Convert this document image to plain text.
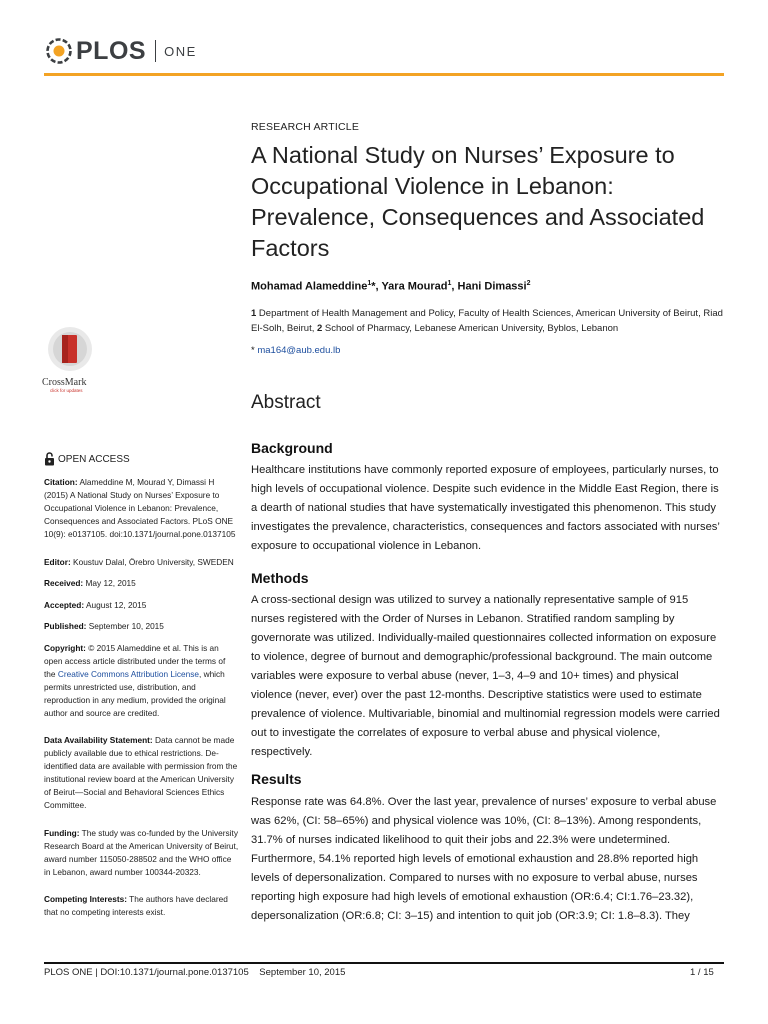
PLOS ONE
CrossMark
click for updates
RESEARCH ARTICLE
A National Study on Nurses’ Exposure to Occupational Violence in Lebanon: Prevalence, Consequences and Associated Factors
Mohamad Alameddine$^1$*, Yara Mourad$^1$, Hani Dimassi$^2$
1 Department of Health Management and Policy, Faculty of Health Sciences, American University of Beirut, Riad El-Solh, Beirut, 2 School of Pharmacy, Lebanese American University, Byblos, Lebanon
* ma164@aub.edu.lb
Abstract
Background
Healthcare institutions have commonly reported exposure of employees, particularly nurses, to high levels of occupational violence. Despite such evidence in the Middle East Region, there is a dearth of national studies that have systematically investigated this phenomenon. This study investigates the prevalence, characteristics, consequences and factors associated with nurses’ exposure to occupational violence in Lebanon.
Methods
A cross-sectional design was utilized to survey a nationally representative sample of 915 nurses registered with the Order of Nurses in Lebanon. Stratified random sampling by governorate was utilized. Individually-mailed questionnaires collected information on exposure to violence, degree of burnout and demographic/professional background. The main outcome variables were exposure to verbal abuse (never, 1–3, 4–9 and 10+ times) and physical violence (never, ever) over the past 12-months. Descriptive statistics were used to estimate prevalence of violence. Multivariable, binomial and multinomial regression models were carried out to investigate the correlates of exposure to verbal abuse and physical violence, respectively.
Results
Response rate was 64.8%. Over the last year, prevalence of nurses’ exposure to verbal abuse was 62%, (CI: 58–65%) and physical violence was 10%, (CI: 8–13%). Among respondents, 31.7% of nurses indicated likelihood to quit their jobs and 22.3% were undetermined. Furthermore, 54.1% reported high levels of emotional exhaustion and 28.8% reported high levels of depersonalization. Compared to nurses with no exposure to verbal abuse, nurses reporting high exposure had high levels of emotional exhaustion (OR:6.4; CI:1.76–23.32), depersonalization (OR:6.8; CI: 3–15) and intention to quit job (OR:3.9; CI: 1.8–8.3). They
OPEN ACCESS
Citation: Alameddine M, Mourad Y, Dimassi H (2015) A National Study on Nurses’ Exposure to Occupational Violence in Lebanon: Prevalence, Consequences and Associated Factors. PLoS ONE 10(9): e0137105. doi:10.1371/journal.pone.0137105
Editor: Koustuv Dalal, Örebro University, SWEDEN
Received: May 12, 2015
Accepted: August 12, 2015
Published: September 10, 2015
Copyright: © 2015 Alameddine et al. This is an open access article distributed under the terms of the Creative Commons Attribution License, which permits unrestricted use, distribution, and reproduction in any medium, provided the original author and source are credited.
Data Availability Statement: Data cannot be made publicly available due to ethical restrictions. De-identified data are available with permission from the institutional review board at the American University of Beirut—Social and Behavioral Sciences Ethics Committee.
Funding: The study was co-funded by the University Research Board at the American University of Beirut, award number 115050-288502 and the WHO office in Lebanon, award number 100344-20323.
Competing Interests: The authors have declared that no competing interests exist.
PLOS ONE | DOI:10.1371/journal.pone.0137105    September 10, 2015	1 / 15
